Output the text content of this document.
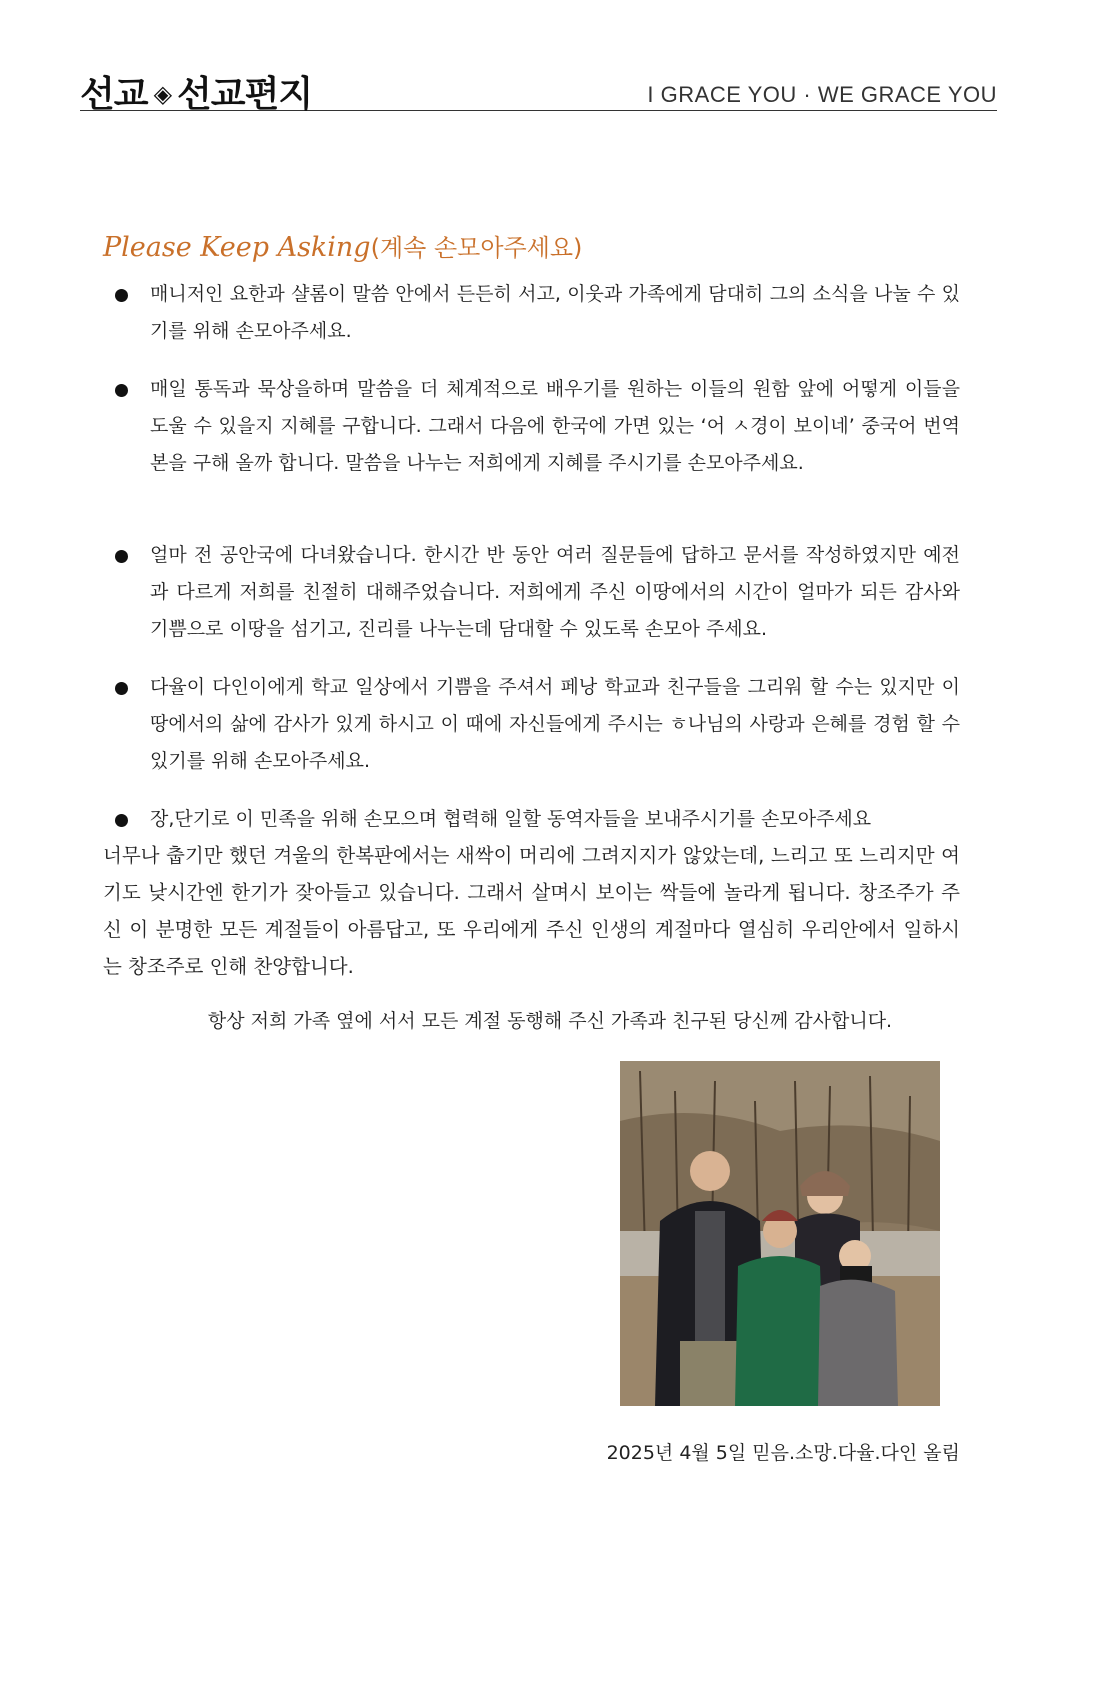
선교 ◈ 선교편지	I GRACE YOU · WE GRACE YOU
Please Keep Asking(계속 손모아주세요)
매니저인 요한과 샬롬이 말씀 안에서 든든히 서고, 이웃과 가족에게 담대히 그의 소식을 나눌 수 있기를 위해 손모아주세요.
매일 통독과 묵상을하며 말씀을 더 체계적으로 배우기를 원하는 이들의 원함 앞에 어떻게 이들을 도울 수 있을지 지혜를 구합니다. 그래서 다음에 한국에 가면 있는 ‘어 ㅅ경이 보이네’ 중국어 번역본을 구해 올까 합니다. 말씀을 나누는 저희에게 지혜를 주시기를 손모아주세요.
얼마 전 공안국에 다녀왔습니다. 한시간 반 동안 여러 질문들에 답하고 문서를 작성하였지만 예전과 다르게 저희를 친절히 대해주었습니다. 저희에게 주신 이땅에서의 시간이 얼마가 되든 감사와 기쁨으로 이땅을 섬기고, 진리를 나누는데 담대할 수 있도록 손모아 주세요.
다율이 다인이에게 학교 일상에서 기쁨을 주셔서 페낭 학교과 친구들을 그리워 할 수는 있지만 이땅에서의 삶에 감사가 있게 하시고 이 때에 자신들에게 주시는 ㅎ나님의 사랑과 은혜를 경험 할 수 있기를 위해 손모아주세요.
장,단기로 이 민족을 위해 손모으며 협력해 일할 동역자들을 보내주시기를 손모아주세요
너무나 춥기만 했던 겨울의 한복판에서는 새싹이 머리에 그려지지가 않았는데, 느리고 또 느리지만 여기도 낮시간엔 한기가 잦아들고 있습니다. 그래서 살며시 보이는 싹들에 놀라게 됩니다. 창조주가 주신 이 분명한 모든 계절들이 아름답고, 또 우리에게 주신 인생의 계절마다 열심히 우리안에서 일하시는 창조주로 인해 찬양합니다.
항상 저희 가족 옆에 서서 모든 계절 동행해 주신 가족과 친구된 당신께 감사합니다.
2025년 4월 5일 믿음.소망.다율.다인 올림
